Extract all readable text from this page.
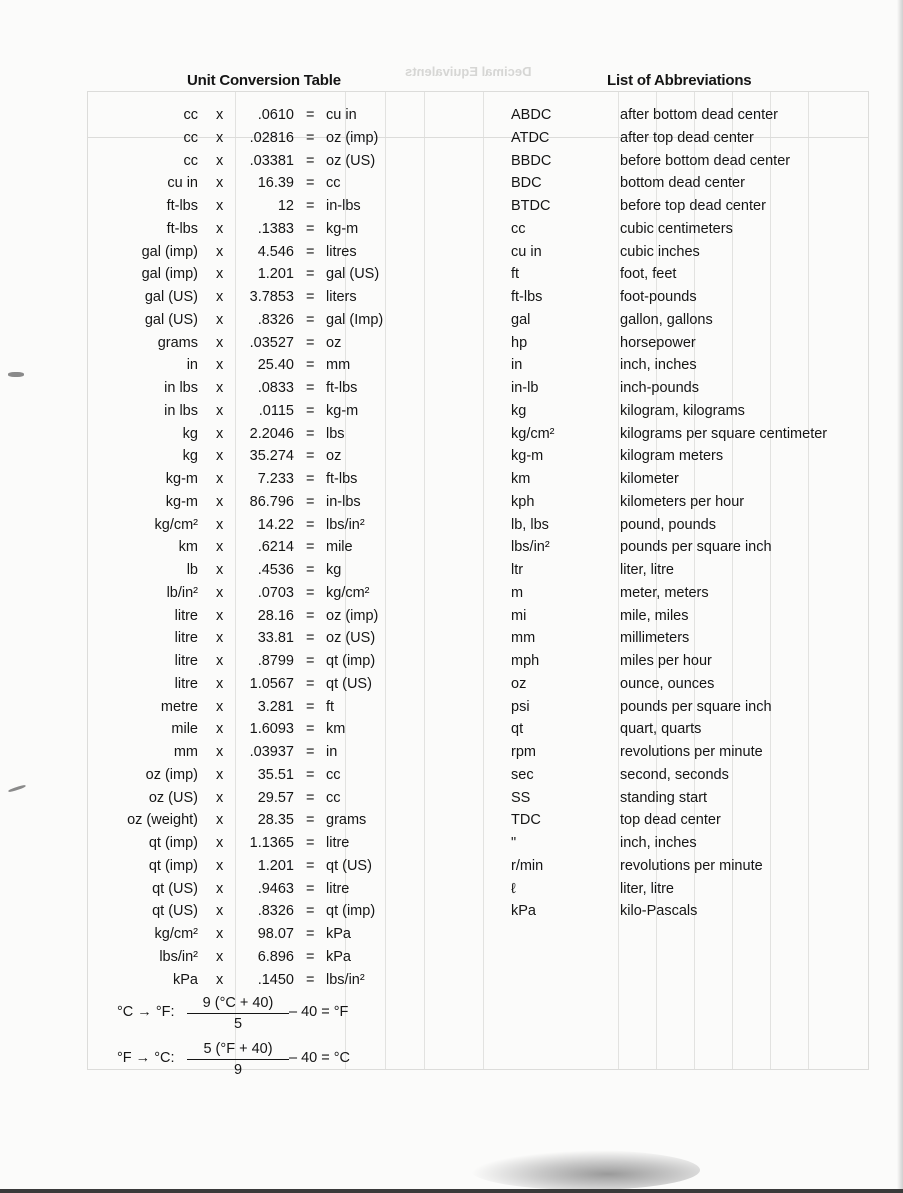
Decimal Equivalents
Unit Conversion Table	List of Abbreviations
cc x .0610 = cu in
cc x .02816 = oz (imp)
cc x .03381 = oz (US)
cu in x 16.39 = cc
ft-lbs x	12 = in-lbs
ft-lbs x .1383 = kg-m
gal (imp) x 4.546 = litres
gal (imp) x 1.201 = gal (US)
gal (US) x 3.7853 = liters
gal (US) x .8326 = gal (Imp)
grams x .03527 = oz
in x 25.40 = mm
in lbs x .0833 = ft-lbs
in lbs x .0115 = kg-m
kg x 2.2046 = lbs
kg x 35.274 = oz
kg-m x 7.233 = ft-lbs
kg-m x 86.796 = in-lbs
kg/cm² x 14.22 = lbs/in²
km x .6214 = mile
lb x .4536 = kg
lb/in² x .0703 = kg/cm²
litre x 28.16 = oz (imp)
litre x 33.81 = oz (US)
litre x .8799 = qt (imp)
litre x 1.0567 = qt (US)
metre x 3.281 = ft
mile x 1.6093 = km
mm x .03937 = in
oz (imp) x 35.51 = cc
oz (US) x 29.57 = cc
oz (weight) x 28.35 = grams
qt (imp) x 1.1365 = litre
qt (imp) x 1.201 = qt (US)
qt (US) x .9463 = litre
qt (US) x .8326 = qt (imp)
kg/cm² x 98.07 = kPa
lbs/in² x 6.896 = kPa
kPa x .1450 = lbs/in²
°C → °F: $\frac{9 (^\circ C + 40)}{5} - 40 = ^\circ F$
°F → °C: $\frac{5 (^\circ F + 40)}{9} - 40 = ^\circ C$
ABDC	after bottom dead center
ATDC	after top dead center
BBDC	before bottom dead center
BDC	bottom dead center
BTDC	before top dead center
cc	cubic centimeters
cu in	cubic inches
ft	foot, feet
ft-lbs	foot-pounds
gal	gallon, gallons
hp	horsepower
in	inch, inches
in-lb	inch-pounds
kg	kilogram, kilograms
kg/cm²	kilograms per square centimeter
kg-m	kilogram meters
km	kilometer
kph	kilometers per hour
lb, lbs	pound, pounds
lbs/in²	pounds per square inch
ltr	liter, litre
m	meter, meters
mi	mile, miles
mm	millimeters
mph	miles per hour
oz	ounce, ounces
psi	pounds per square inch
qt	quart, quarts
rpm	revolutions per minute
sec	second, seconds
SS	standing start
TDC	top dead center
"	inch, inches
r/min	revolutions per minute
ℓ	liter, litre
kPa	kilo-Pascals
